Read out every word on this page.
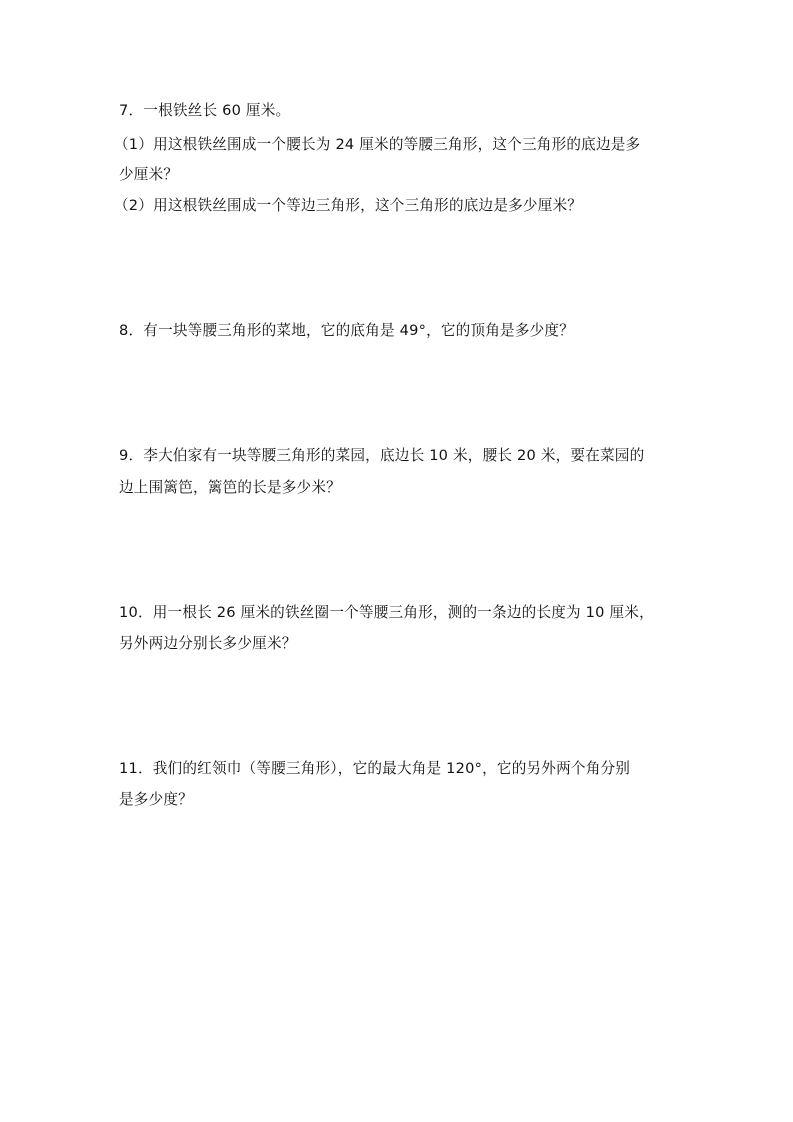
7．一根铁丝长 60 厘米。
（1）用这根铁丝围成一个腰长为 24 厘米的等腰三角形，这个三角形的底边是多
少厘米？
（2）用这根铁丝围成一个等边三角形，这个三角形的底边是多少厘米？
8．有一块等腰三角形的菜地，它的底角是 49°，它的顶角是多少度？
9．李大伯家有一块等腰三角形的菜园，底边长 10 米，腰长 20 米，要在菜园的
边上围篱笆，篱笆的长是多少米？
10．用一根长 26 厘米的铁丝圈一个等腰三角形，测的一条边的长度为 10 厘米，
另外两边分别长多少厘米？
11．我们的红领巾（等腰三角形），它的最大角是 120°，它的另外两个角分别
是多少度？
